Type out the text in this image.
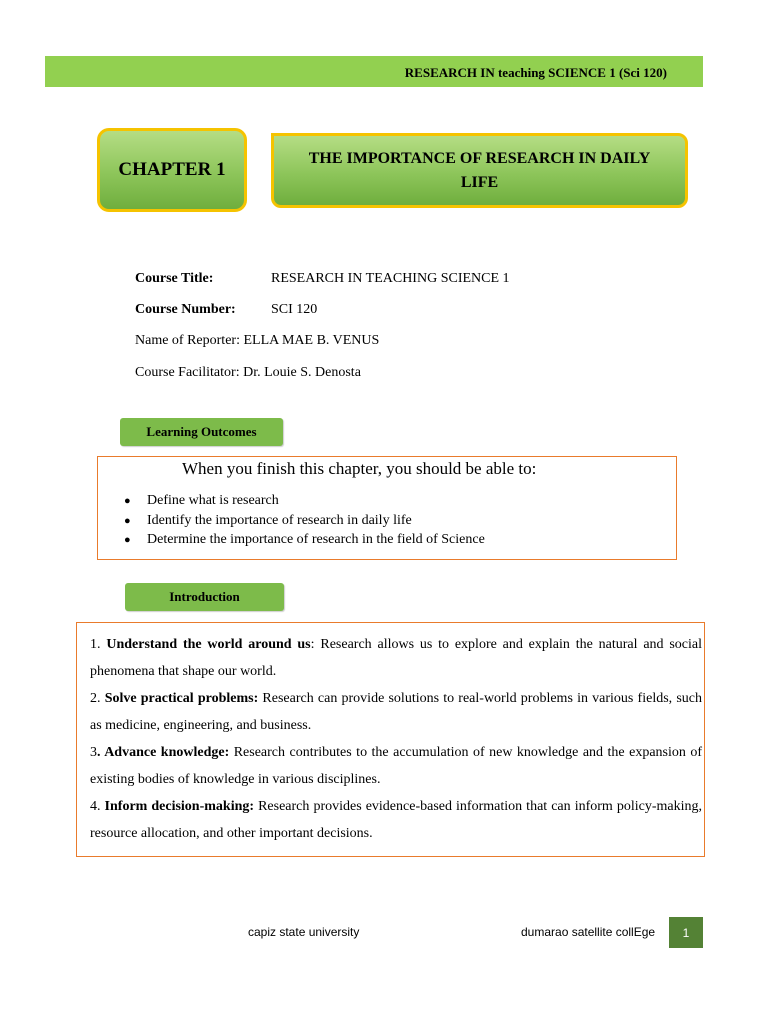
RESEARCH IN teaching SCIENCE 1 (Sci 120)
CHAPTER 1
THE IMPORTANCE OF RESEARCH IN DAILY LIFE
Course Title:	RESEARCH IN TEACHING SCIENCE 1
Course Number:	SCI 120
Name of Reporter: ELLA MAE B. VENUS
Course Facilitator: Dr. Louie S. Denosta
Learning Outcomes
When you finish this chapter, you should be able to:
● Define what is research
● Identify the importance of research in daily life
● Determine the importance of research in the field of Science
Introduction

1. Understand the world around us: Research allows us to explore and explain the natural and social phenomena that shape our world.

2. Solve practical problems: Research can provide solutions to real-world problems in various fields, such as medicine, engineering, and business.

3. Advance knowledge: Research contributes to the accumulation of new knowledge and the expansion of existing bodies of knowledge in various disciplines.

4. Inform decision-making: Research provides evidence-based information that can inform policy-making, resource allocation, and other important decisions.

capiz state university	dumarao satellite collEge	1
